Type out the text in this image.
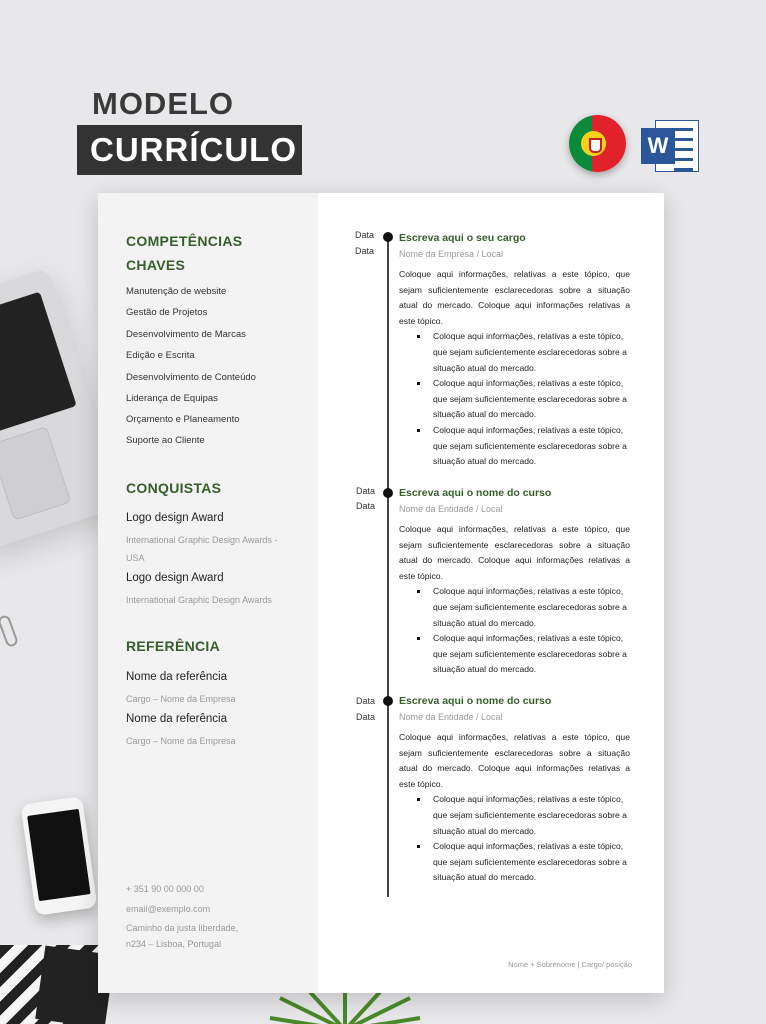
MODELO
CURRÍCULO	W
COMPETÊNCIAS CHAVES
Manutenção de website
Gestão de Projetos
Desenvolvimento de Marcas
Edição e Escrita
Desenvolvimento de Conteúdo
Liderança de Equipas
Orçamento e Planeamento
Suporte ao Cliente
CONQUISTAS
Logo design Award
International Graphic Design Awards - USA
Logo design Award
International Graphic Design Awards
REFERÊNCIA
Nome da referência
Cargo – Nome da Empresa
Nome da referência
Cargo – Nome da Empresa
+ 351 90 00 000 00
email@exemplo.com
Caminho da justa liberdade,
n234 – Lisboa, Portugal
Data
Data
Escreva aqui o seu cargo
Nome da Empresa / Local
Coloque aqui informações, relativas a este tópico, que sejam suficientemente esclarecedoras sobre a situação atual do mercado. Coloque aqui informações relativas a este tópico.
Coloque aqui informações, relativas a este tópico, que sejam suficientemente esclarecedoras sobre a situação atual do mercado.
Coloque aqui informações, relativas a este tópico, que sejam suficientemente esclarecedoras sobre a situação atual do mercado.
Coloque aqui informações, relativas a este tópico, que sejam suficientemente esclarecedoras sobre a situação atual do mercado.
Data
Data
Escreva aqui o nome do curso
Nome da Entidade / Local
Coloque aqui informações, relativas a este tópico, que sejam suficientemente esclarecedoras sobre a situação atual do mercado. Coloque aqui informações relativas a este tópico.
Coloque aqui informações, relativas a este tópico, que sejam suficientemente esclarecedoras sobre a situação atual do mercado.
Coloque aqui informações, relativas a este tópico, que sejam suficientemente esclarecedoras sobre a situação atual do mercado.
Data
Data
Escreva aqui o nome do curso
Nome da Entidade / Local
Coloque aqui informações, relativas a este tópico, que sejam suficientemente esclarecedoras sobre a situação atual do mercado. Coloque aqui informações relativas a este tópico.
Coloque aqui informações, relativas a este tópico, que sejam suficientemente esclarecedoras sobre a situação atual do mercado.
Coloque aqui informações, relativas a este tópico, que sejam suficientemente esclarecedoras sobre a situação atual do mercado.
Nome + Sobrenome | Cargo/ posição
